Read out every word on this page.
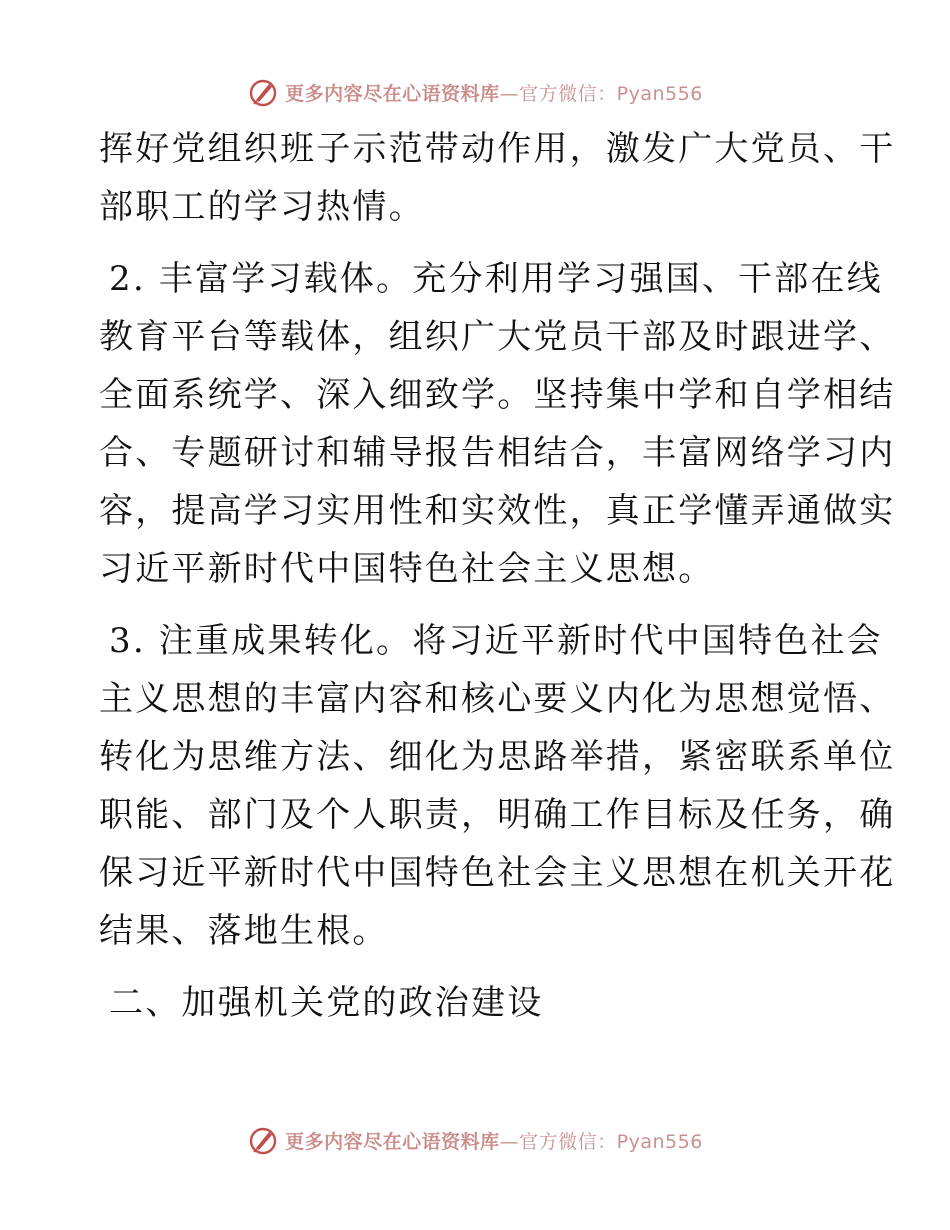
更多内容尽在心语资料库—官方微信：Pyan556
挥好党组织班子示范带动作用，激发广大党员、干
部职工的学习热情。
2. 丰富学习载体。充分利用学习强国、干部在线
教育平台等载体，组织广大党员干部及时跟进学、
全面系统学、深入细致学。坚持集中学和自学相结
合、专题研讨和辅导报告相结合，丰富网络学习内
容，提高学习实用性和实效性，真正学懂弄通做实
习近平新时代中国特色社会主义思想。
3. 注重成果转化。将习近平新时代中国特色社会
主义思想的丰富内容和核心要义内化为思想觉悟、
转化为思维方法、细化为思路举措，紧密联系单位
职能、部门及个人职责，明确工作目标及任务，确
保习近平新时代中国特色社会主义思想在机关开花
结果、落地生根。
二、加强机关党的政治建设
更多内容尽在心语资料库—官方微信：Pyan556
